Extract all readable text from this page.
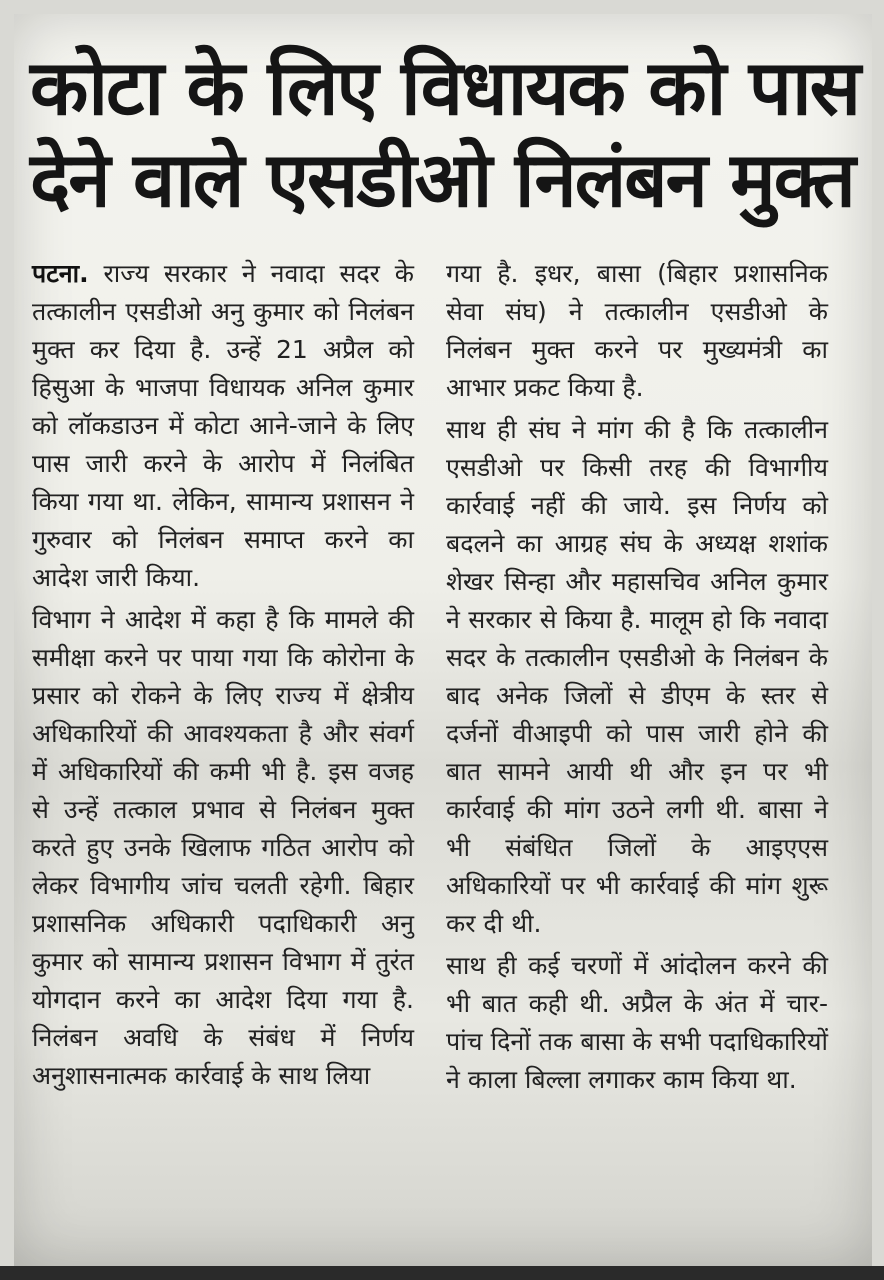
कोटा के लिए विधायक को पास
देने वाले एसडीओ निलंबन मुक्त

पटना. राज्य सरकार ने नवादा सदर के तत्कालीन एसडीओ अनु कुमार को निलंबन मुक्त कर दिया है. उन्हें 21 अप्रैल को हिसुआ के भाजपा विधायक अनिल कुमार को लॉकडाउन में कोटा आने-जाने के लिए पास जारी करने के आरोप में निलंबित किया गया था. लेकिन, सामान्य प्रशासन ने गुरुवार को निलंबन समाप्त करने का आदेश जारी किया.

विभाग ने आदेश में कहा है कि मामले की समीक्षा करने पर पाया गया कि कोरोना के प्रसार को रोकने के लिए राज्य में क्षेत्रीय अधिकारियों की आवश्यकता है और संवर्ग में अधिकारियों की कमी भी है. इस वजह से उन्हें तत्काल प्रभाव से निलंबन मुक्त करते हुए उनके खिलाफ गठित आरोप को लेकर विभागीय जांच चलती रहेगी. बिहार प्रशासनिक अधिकारी पदाधिकारी अनु कुमार को सामान्य प्रशासन विभाग में तुरंत योगदान करने का आदेश दिया गया है. निलंबन अवधि के संबंध में निर्णय अनुशासनात्मक कार्रवाई के साथ लिया

गया है. इधर, बासा (बिहार प्रशासनिक सेवा संघ) ने तत्कालीन एसडीओ के निलंबन मुक्त करने पर मुख्यमंत्री का आभार प्रकट किया है.

साथ ही संघ ने मांग की है कि तत्कालीन एसडीओ पर किसी तरह की विभागीय कार्रवाई नहीं की जाये. इस निर्णय को बदलने का आग्रह संघ के अध्यक्ष शशांक शेखर सिन्हा और महासचिव अनिल कुमार ने सरकार से किया है. मालूम हो कि नवादा सदर के तत्कालीन एसडीओ के निलंबन के बाद अनेक जिलों से डीएम के स्तर से दर्जनों वीआइपी को पास जारी होने की बात सामने आयी थी और इन पर भी कार्रवाई की मांग उठने लगी थी. बासा ने भी संबंधित जिलों के आइएएस अधिकारियों पर भी कार्रवाई की मांग शुरू कर दी थी.

साथ ही कई चरणों में आंदोलन करने की भी बात कही थी. अप्रैल के अंत में चार-पांच दिनों तक बासा के सभी पदाधिकारियों ने काला बिल्ला लगाकर काम किया था.
